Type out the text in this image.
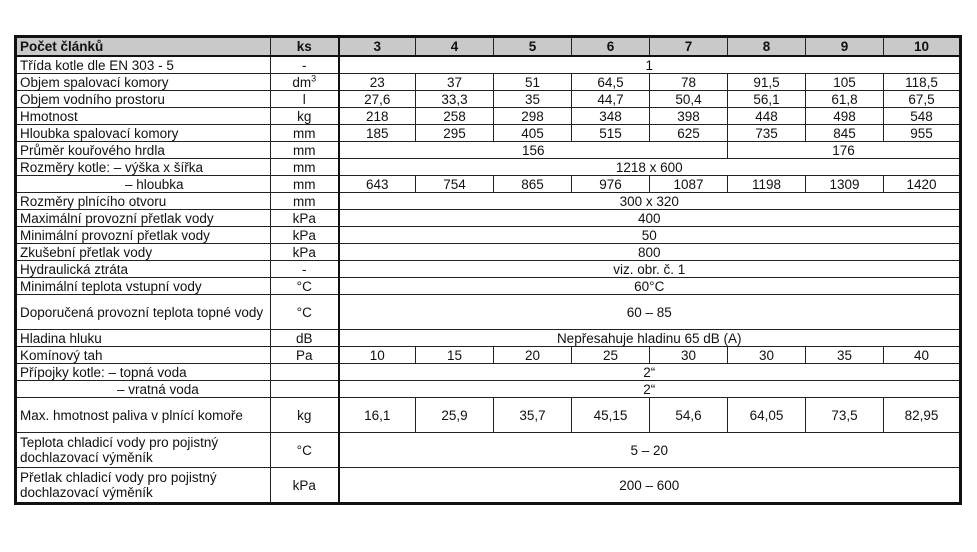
Počet článků	ks	3	4	5	6	7	8	9	10
Třída kotle dle EN 303 - 5	-	1							
Objem spalovací komory	$dm^3$	23	37	51	64,5	78	91,5	105	118,5
Objem vodního prostoru	l	27,6	33,3	35	44,7	50,4	56,1	61,8	67,5
Hmotnost	kg	218	258	298	348	398	448	498	548
Hloubka spalovací komory	mm	185	295	405	515	625	735	845	955
Průměr kouřového hrdla	mm	156					176		
Rozměry kotle: – výška x šířka	mm	1218 x 600							
– hloubka	mm	643	754	865	976	1087	1198	1309	1420
Rozměry plnícího otvoru	mm	300 x 320							
Maximální provozní přetlak vody	kPa	400							
Minimální provozní přetlak vody	kPa	50							
Zkušební přetlak vody	kPa	800							
Hydraulická ztráta	-	viz. obr. č. 1							
Minimální teplota vstupní vody	°C	60°C							
Doporučená provozní teplota topné vody	°C	60 – 85							
Hladina hluku	dB	Nepřesahuje hladinu 65 dB (A)							
Komínový tah	Pa	10	15	20	25	30	30	35	40
Přípojky kotle: – topná voda		2“							
– vratná voda		2“							
Max. hmotnost paliva v plnící komoře	kg	16,1	25,9	35,7	45,15	54,6	64,05	73,5	82,95
Teplota chladicí vody pro pojistný dochlazovací výměník	°C	5 – 20							
Přetlak chladicí vody pro pojistný dochlazovací výměník	kPa	200 – 600							
